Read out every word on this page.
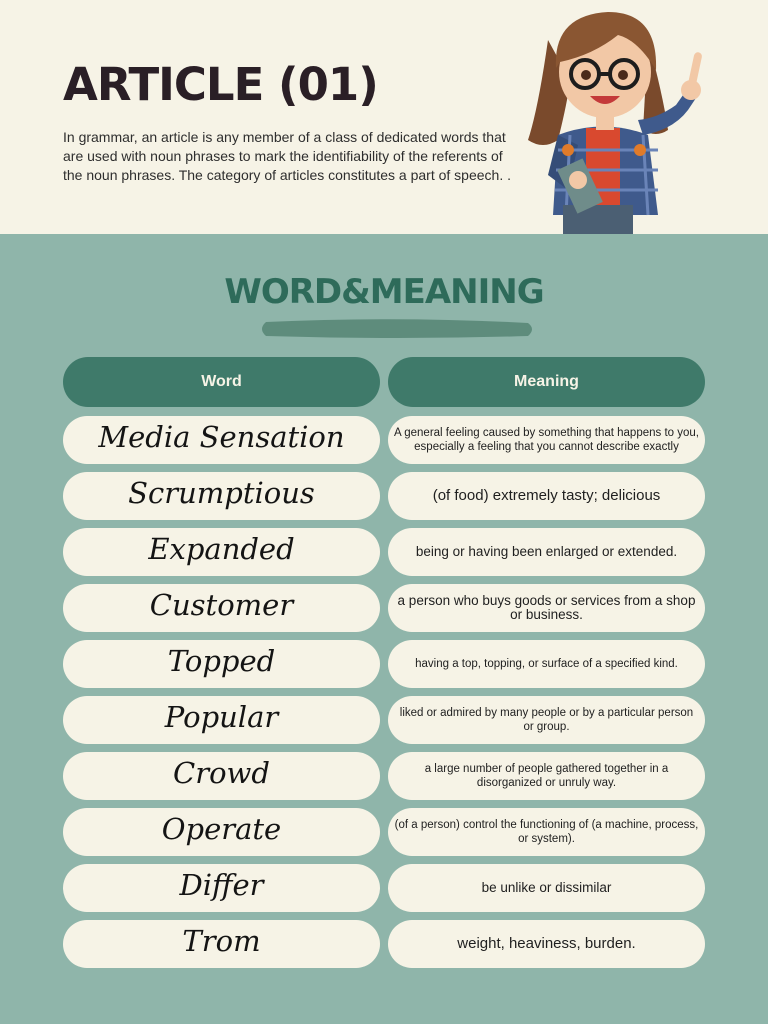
ARTICLE (01)

In grammar, an article is any member of a class of dedicated words that are used with noun phrases to mark the identifiability of the referents of the noun phrases. The category of articles constitutes a part of speech. .

WORD&MEANING
Word	Meaning
Media Sensation	A general feeling caused by something that happens to you, especially a feeling that you cannot describe exactly
Scrumptious	(of food) extremely tasty; delicious
Expanded	being or having been enlarged or extended.
Customer	a person who buys goods or services from a shop or business.
Topped	having a top, topping, or surface of a specified kind.
Popular	liked or admired by many people or by a particular person or group.
Crowd	a large number of people gathered together in a disorganized or unruly way.
Operate	(of a person) control the functioning of (a machine, process, or system).
Differ	be unlike or dissimilar
Trom	weight, heaviness, burden.
